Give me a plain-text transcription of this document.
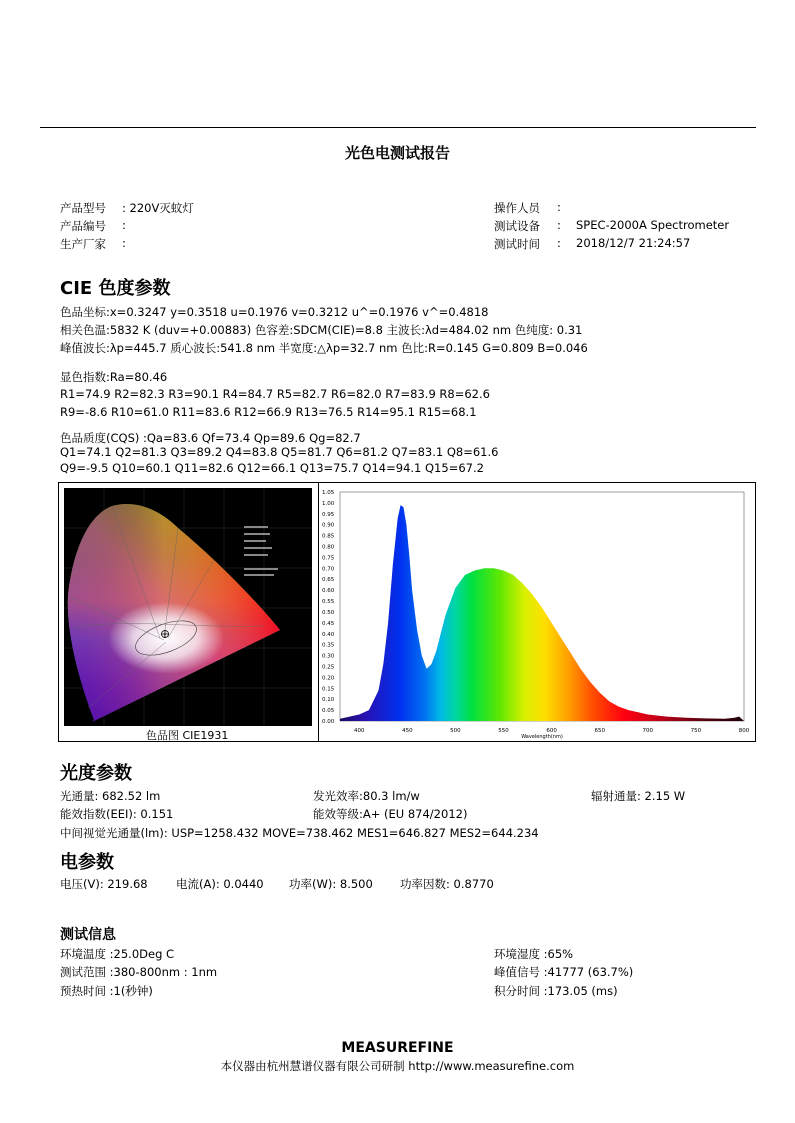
光色电测试报告
产品型号 : 220V灭蚊灯
产品编号 :
生产厂家 :
操作人员 :
测试设备 : SPEC-2000A Spectrometer
测试时间 : 2018/12/7 21:24:57
CIE 色度参数
色品坐标:x=0.3247 y=0.3518 u=0.1976 v=0.3212 u^=0.1976 v^=0.4818
相关色温:5832 K (duv=+0.00883) 色容差:SDCM(CIE)=8.8 主波长:λd=484.02 nm 色纯度: 0.31
峰值波长:λp=445.7 质心波长:541.8 nm 半宽度:△λp=32.7 nm 色比:R=0.145 G=0.809 B=0.046
显色指数:Ra=80.46
R1=74.9 R2=82.3 R3=90.1 R4=84.7 R5=82.7 R6=82.0 R7=83.9 R8=62.6
R9=-8.6 R10=61.0 R11=83.6 R12=66.9 R13=76.5 R14=95.1 R15=68.1
色品质度(CQS) :Qa=83.6 Qf=73.4 Qp=89.6 Qg=82.7
Q1=74.1 Q2=81.3 Q3=89.2 Q4=83.8 Q5=81.7 Q6=81.2 Q7=83.1 Q8=61.6
Q9=-9.5 Q10=60.1 Q11=82.6 Q12=66.1 Q13=75.7 Q14=94.1 Q15=67.2
色品图 CIE1931
0.00
0.05
0.10
0.15
0.20
0.25
0.30
0.35
0.40
0.45
0.50
0.55
0.60
0.65
0.70
0.75
0.80
0.85
0.90
0.95
1.00
1.05
400	450	500	550	600	650	700	750	800
Wavelength(nm)
光度参数
光通量: 682.52 lm	发光效率:80.3 lm/w	辐射通量: 2.15 W
能效指数(EEI): 0.151	能效等级:A+ (EU 874/2012)
中间视觉光通量(lm): USP=1258.432 MOVE=738.462 MES1=646.827 MES2=644.234
电参数
电压(V): 219.68 电流(A): 0.0440 功率(W): 8.500 功率因数: 0.8770
测试信息
环境温度 :25.0Deg C
测试范围 :380-800nm : 1nm
预热时间 :1(秒钟)
环境湿度 :65%
峰值信号 :41777 (63.7%)
积分时间 :173.05 (ms)
MEASUREFINE
本仪器由杭州慧谱仪器有限公司研制 http://www.measurefine.com
